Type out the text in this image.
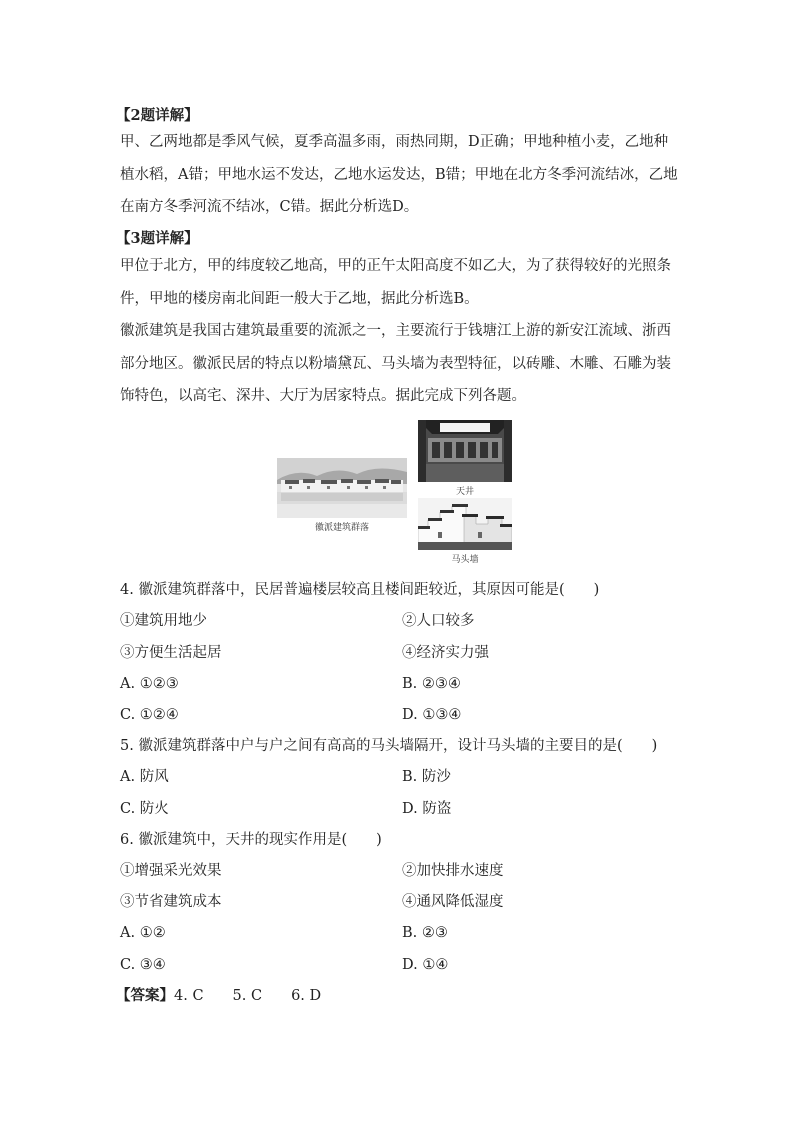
【2题详解】

甲、乙两地都是季风气候，夏季高温多雨，雨热同期，D正确；甲地种植小麦，乙地种植水稻，A错；甲地水运不发达，乙地水运发达，B错；甲地在北方冬季河流结冰，乙地在南方冬季河流不结冰，C错。据此分析选D。

【3题详解】

甲位于北方，甲的纬度较乙地高，甲的正午太阳高度不如乙大，为了获得较好的光照条件，甲地的楼房南北间距一般大于乙地，据此分析选B。

徽派建筑是我国古建筑最重要的流派之一，主要流行于钱塘江上游的新安江流域、浙西部分地区。徽派民居的特点以粉墙黛瓦、马头墙为表型特征，以砖雕、木雕、石雕为装饰特色，以高宅、深井、大厅为居家特点。据此完成下列各题。

徽派建筑群落
天井
马头墙
4. 徽派建筑群落中，民居普遍楼层较高且楼间距较近，其原因可能是(　　)
①建筑用地少	②人口较多
③方便生活起居	④经济实力强
A. ①②③	B. ②③④
C. ①②④	D. ①③④
5. 徽派建筑群落中户与户之间有高高的马头墙隔开，设计马头墙的主要目的是(　　)
A. 防风	B. 防沙
C. 防火	D. 防盗
6. 徽派建筑中，天井的现实作用是(　　)
①增强采光效果	②加快排水速度
③节省建筑成本	④通风降低湿度
A. ①②	B. ②③
C. ③④	D. ①④
【答案】4. C　　5. C　　6. D
